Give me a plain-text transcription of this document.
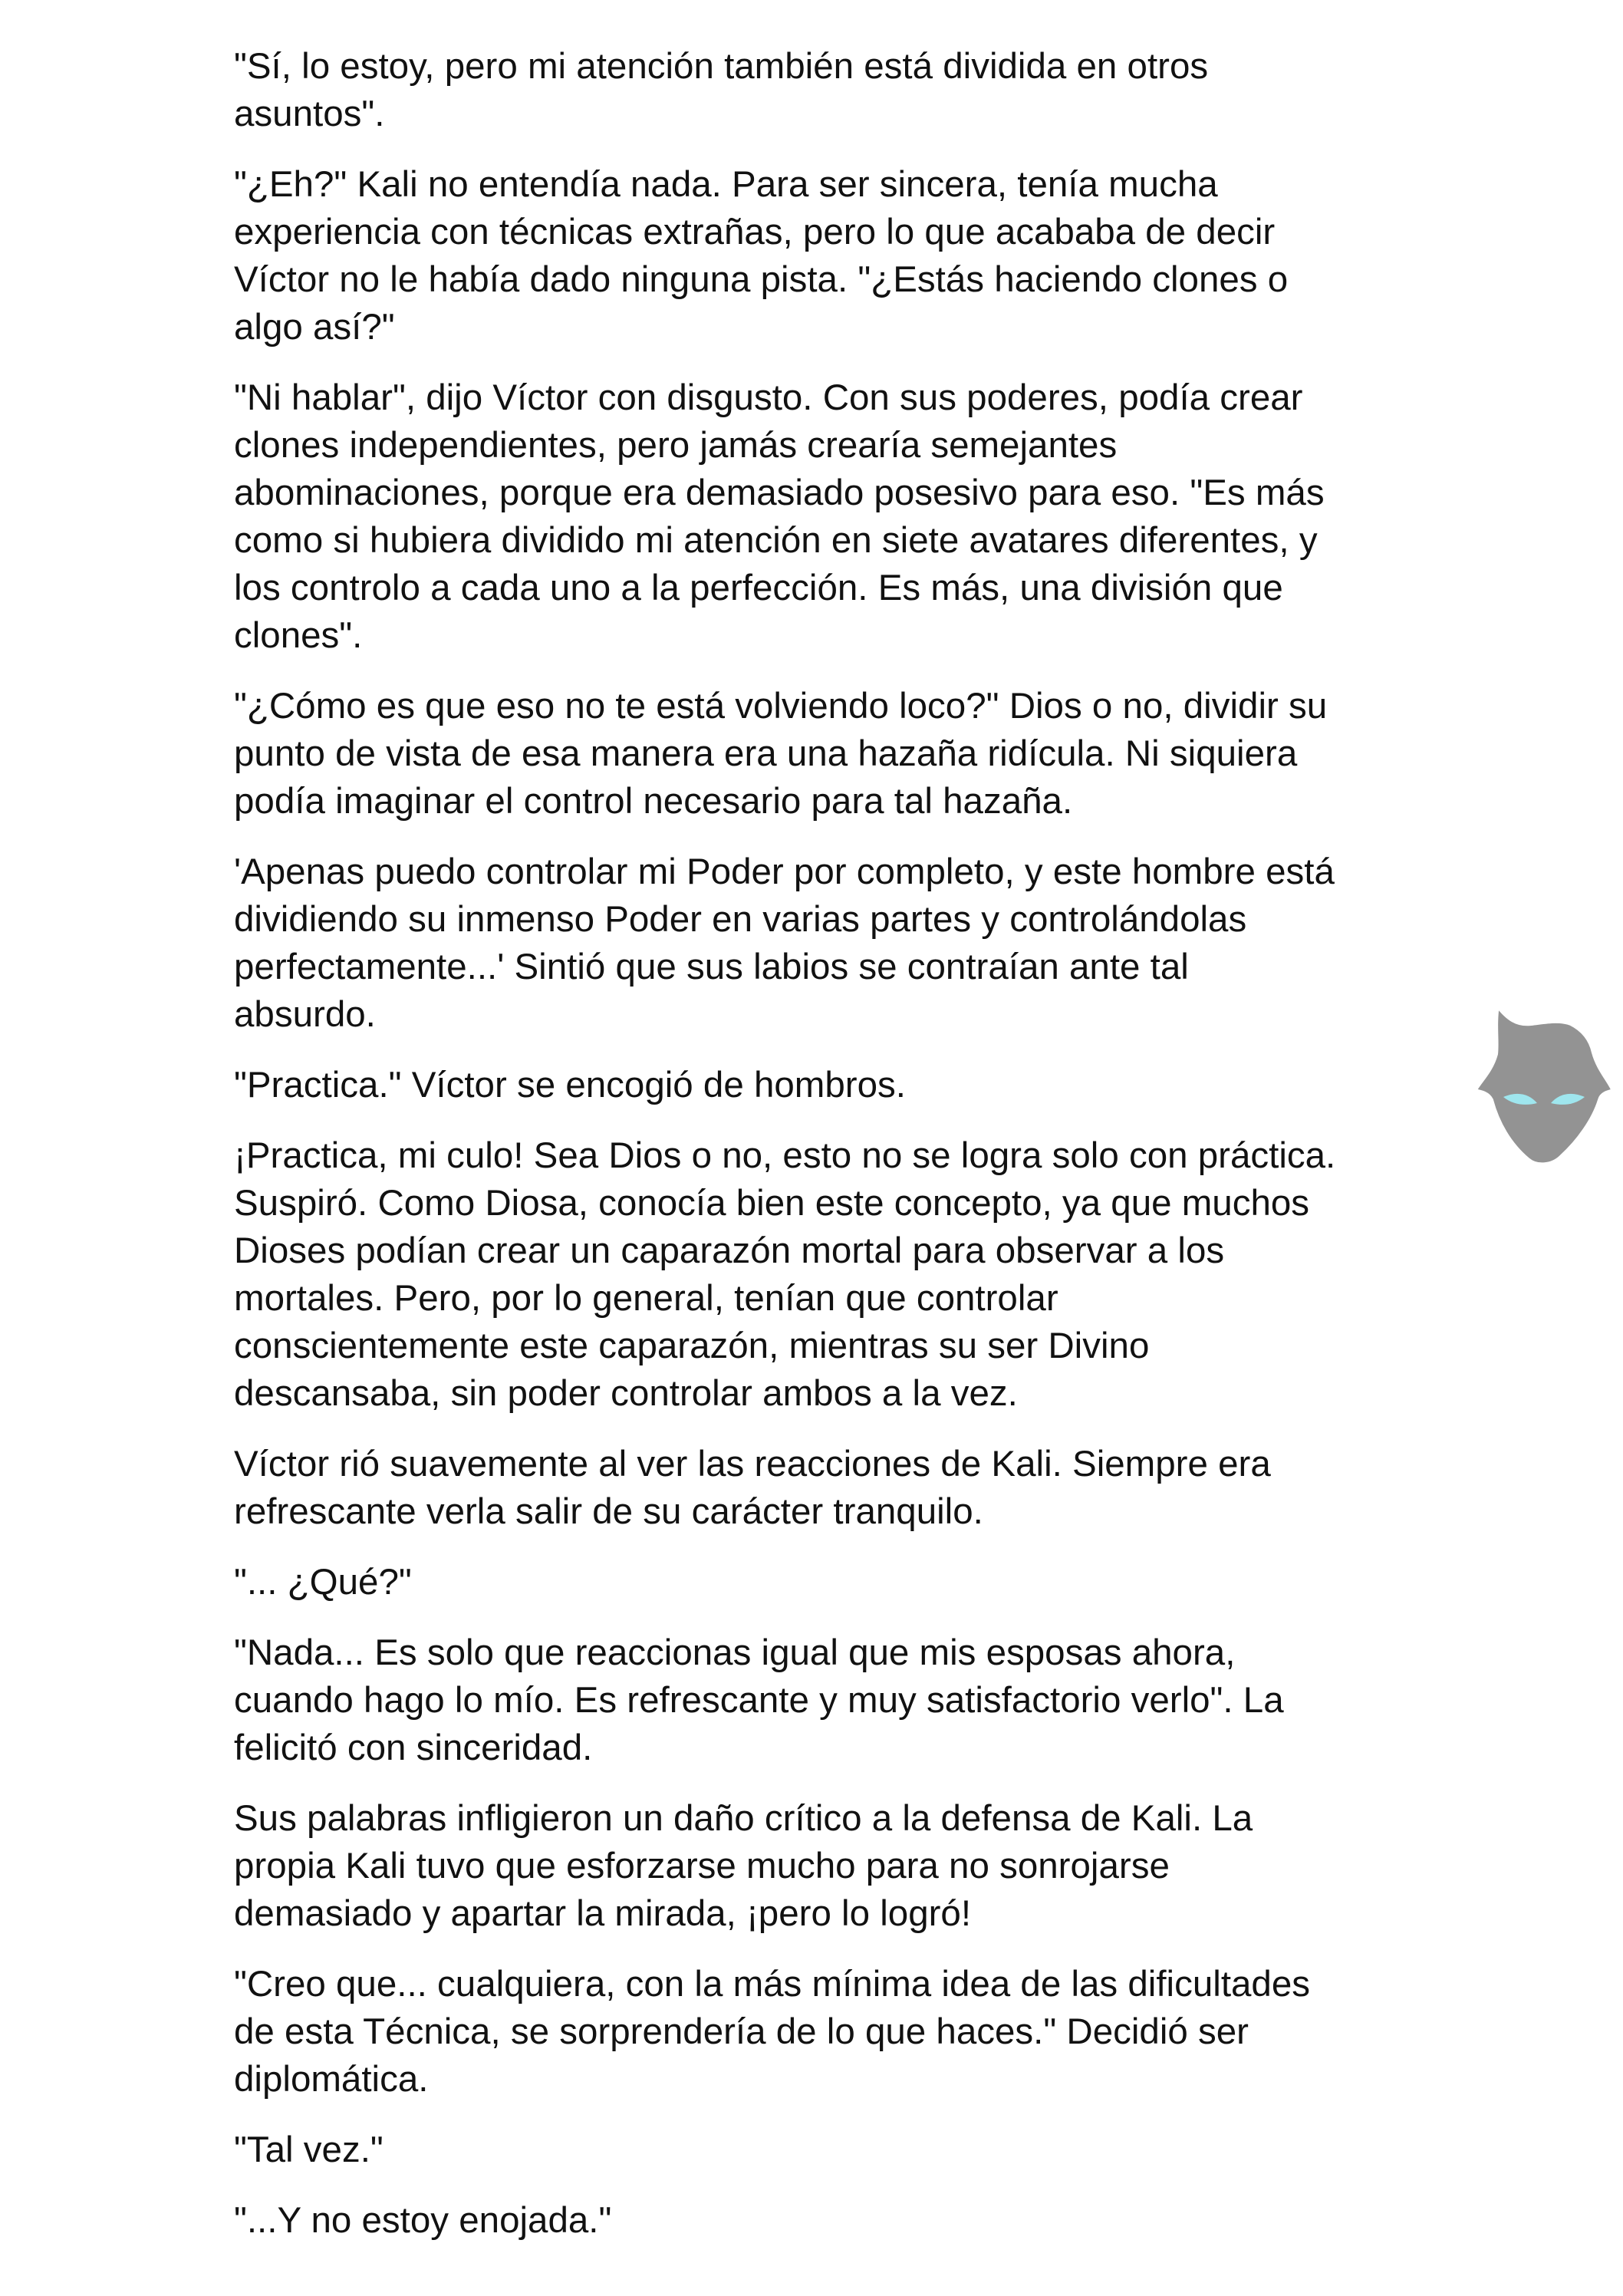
"Sí, lo estoy, pero mi atención también está dividida en otros
asuntos".

"¿Eh?" Kali no entendía nada. Para ser sincera, tenía mucha
experiencia con técnicas extrañas, pero lo que acababa de decir
Víctor no le había dado ninguna pista. "¿Estás haciendo clones o
algo así?"

"Ni hablar", dijo Víctor con disgusto. Con sus poderes, podía crear
clones independientes, pero jamás crearía semejantes
abominaciones, porque era demasiado posesivo para eso. "Es más
como si hubiera dividido mi atención en siete avatares diferentes, y
los controlo a cada uno a la perfección. Es más, una división que
clones".

"¿Cómo es que eso no te está volviendo loco?" Dios o no, dividir su
punto de vista de esa manera era una hazaña ridícula. Ni siquiera
podía imaginar el control necesario para tal hazaña.

'Apenas puedo controlar mi Poder por completo, y este hombre está
dividiendo su inmenso Poder en varias partes y controlándolas
perfectamente...' Sintió que sus labios se contraían ante tal
absurdo.

"Practica." Víctor se encogió de hombros.

¡Practica, mi culo! Sea Dios o no, esto no se logra solo con práctica.
Suspiró. Como Diosa, conocía bien este concepto, ya que muchos
Dioses podían crear un caparazón mortal para observar a los
mortales. Pero, por lo general, tenían que controlar
conscientemente este caparazón, mientras su ser Divino
descansaba, sin poder controlar ambos a la vez.

Víctor rió suavemente al ver las reacciones de Kali. Siempre era
refrescante verla salir de su carácter tranquilo.

"... ¿Qué?"

"Nada... Es solo que reaccionas igual que mis esposas ahora,
cuando hago lo mío. Es refrescante y muy satisfactorio verlo". La
felicitó con sinceridad.

Sus palabras infligieron un daño crítico a la defensa de Kali. La
propia Kali tuvo que esforzarse mucho para no sonrojarse
demasiado y apartar la mirada, ¡pero lo logró!

"Creo que... cualquiera, con la más mínima idea de las dificultades
de esta Técnica, se sorprendería de lo que haces." Decidió ser
diplomática.

"Tal vez."

"...Y no estoy enojada."
